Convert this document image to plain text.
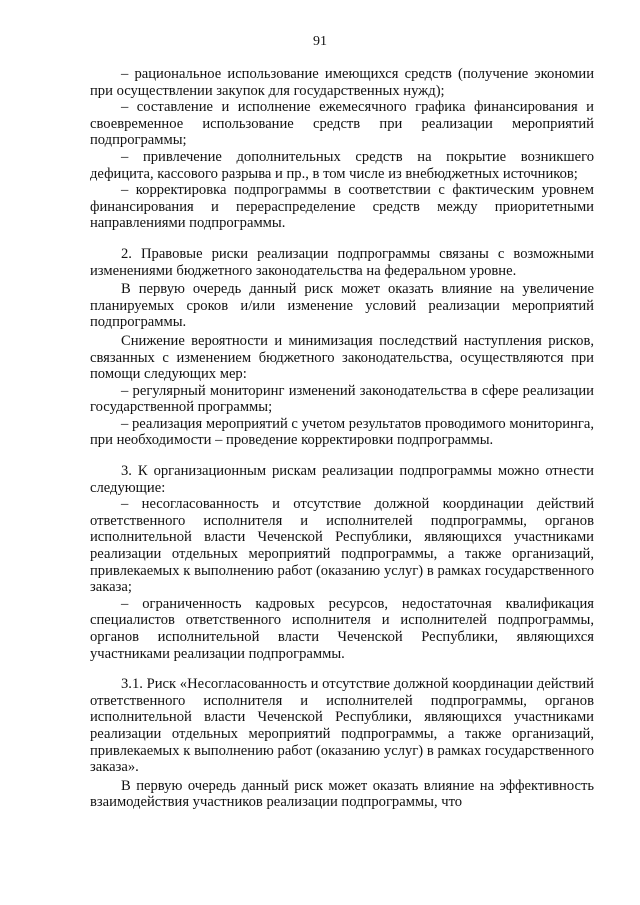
91

– рациональное использование имеющихся средств (получение экономии при осуществлении закупок для государственных нужд);

– составление и исполнение ежемесячного графика финансирования и своевременное использование средств при реализации мероприятий подпрограммы;

– привлечение дополнительных средств на покрытие возникшего дефицита, кассового разрыва и пр., в том числе из внебюджетных источников;

– корректировка подпрограммы в соответствии с фактическим уровнем финансирования и перераспределение средств между приоритетными направлениями подпрограммы.

2. Правовые риски реализации подпрограммы связаны с возможными изменениями бюджетного законодательства на федеральном уровне.

В первую очередь данный риск может оказать влияние на увеличение планируемых сроков и/или изменение условий реализации мероприятий подпрограммы.

Снижение вероятности и минимизация последствий наступления рисков, связанных с изменением бюджетного законодательства, осуществляются при помощи следующих мер:

– регулярный мониторинг изменений законодательства в сфере реализации государственной программы;

– реализация мероприятий с учетом результатов проводимого мониторинга, при необходимости – проведение корректировки подпрограммы.

3. К организационным рискам реализации подпрограммы можно отнести следующие:

– несогласованность и отсутствие должной координации действий ответственного исполнителя и исполнителей подпрограммы, органов исполнительной власти Чеченской Республики, являющихся участниками реализации отдельных мероприятий подпрограммы, а также организаций, привлекаемых к выполнению работ (оказанию услуг) в рамках государственного заказа;

– ограниченность кадровых ресурсов, недостаточная квалификация специалистов ответственного исполнителя и исполнителей подпрограммы, органов исполнительной власти Чеченской Республики, являющихся участниками реализации подпрограммы.

3.1. Риск «Несогласованность и отсутствие должной координации действий ответственного исполнителя и исполнителей подпрограммы, органов исполнительной власти Чеченской Республики, являющихся участниками реализации отдельных мероприятий подпрограммы, а также организаций, привлекаемых к выполнению работ (оказанию услуг) в рамках государственного заказа».

В первую очередь данный риск может оказать влияние на эффективность взаимодействия участников реализации подпрограммы, что
